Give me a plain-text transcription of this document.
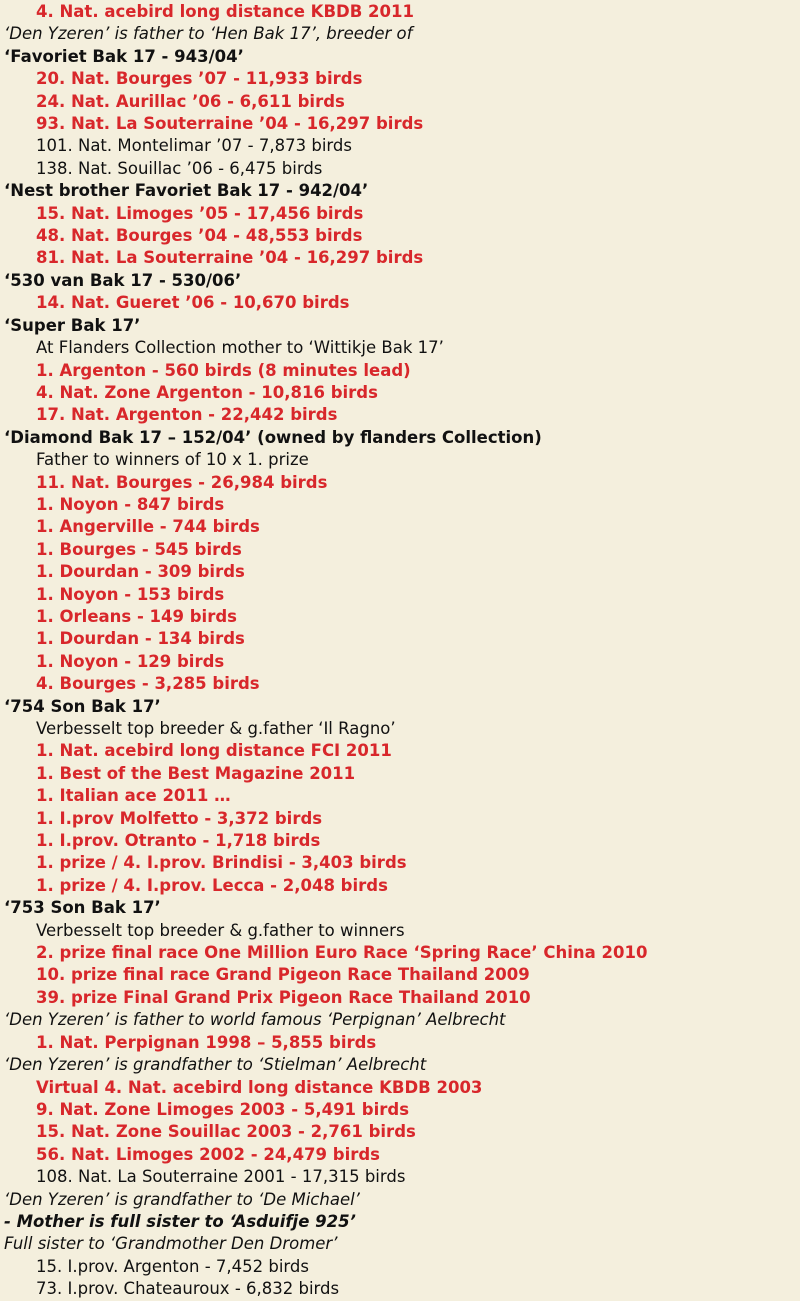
4. Nat. acebird long distance KBDB 2011
‘Den Yzeren’ is father to ‘Hen Bak 17’, breeder of
‘Favoriet Bak 17 - 943/04’
20. Nat. Bourges ’07 - 11,933 birds
24. Nat. Aurillac ’06 - 6,611 birds
93. Nat. La Souterraine ’04 - 16,297 birds
101. Nat. Montelimar ’07 - 7,873 birds
138. Nat. Souillac ’06 - 6,475 birds
‘Nest brother Favoriet Bak 17 - 942/04’
15. Nat. Limoges ’05 - 17,456 birds
48. Nat. Bourges ’04 - 48,553 birds
81. Nat. La Souterraine ’04 - 16,297 birds
‘530 van Bak 17 - 530/06’
14. Nat. Gueret ’06 - 10,670 birds
‘Super Bak 17’
At Flanders Collection mother to ‘Wittikje Bak 17’
1. Argenton - 560 birds (8 minutes lead)
4. Nat. Zone Argenton - 10,816 birds
17. Nat. Argenton - 22,442 birds
‘Diamond Bak 17 – 152/04’ (owned by flanders Collection)
Father to winners of 10 x 1. prize
11. Nat. Bourges - 26,984 birds
1. Noyon - 847 birds
1. Angerville - 744 birds
1. Bourges - 545 birds
1. Dourdan - 309 birds
1. Noyon - 153 birds
1. Orleans - 149 birds
1. Dourdan - 134 birds
1. Noyon - 129 birds
4. Bourges - 3,285 birds
‘754 Son Bak 17’
Verbesselt top breeder & g.father ‘Il Ragno’
1. Nat. acebird long distance FCI 2011
1. Best of the Best Magazine 2011
1. Italian ace 2011 …
1. I.prov Molfetto - 3,372 birds
1. I.prov. Otranto - 1,718 birds
1. prize / 4. I.prov. Brindisi - 3,403 birds
1. prize / 4. I.prov. Lecca - 2,048 birds
‘753 Son Bak 17’
Verbesselt top breeder & g.father to winners
2. prize final race One Million Euro Race ‘Spring Race’ China 2010
10. prize final race Grand Pigeon Race Thailand 2009
39. prize Final Grand Prix Pigeon Race Thailand 2010
‘Den Yzeren’ is father to world famous ‘Perpignan’ Aelbrecht
1. Nat. Perpignan 1998 – 5,855 birds
‘Den Yzeren’ is grandfather to ‘Stielman’ Aelbrecht
Virtual 4. Nat. acebird long distance KBDB 2003
9. Nat. Zone Limoges 2003 - 5,491 birds
15. Nat. Zone Souillac 2003 - 2,761 birds
56. Nat. Limoges 2002 - 24,479 birds
108. Nat. La Souterraine 2001 - 17,315 birds
‘Den Yzeren’ is grandfather to ‘De Michael’
- Mother is full sister to ‘Asduifje 925’
Full sister to ‘Grandmother Den Dromer’
15. I.prov. Argenton - 7,452 birds
73. I.prov. Chateauroux - 6,832 birds
